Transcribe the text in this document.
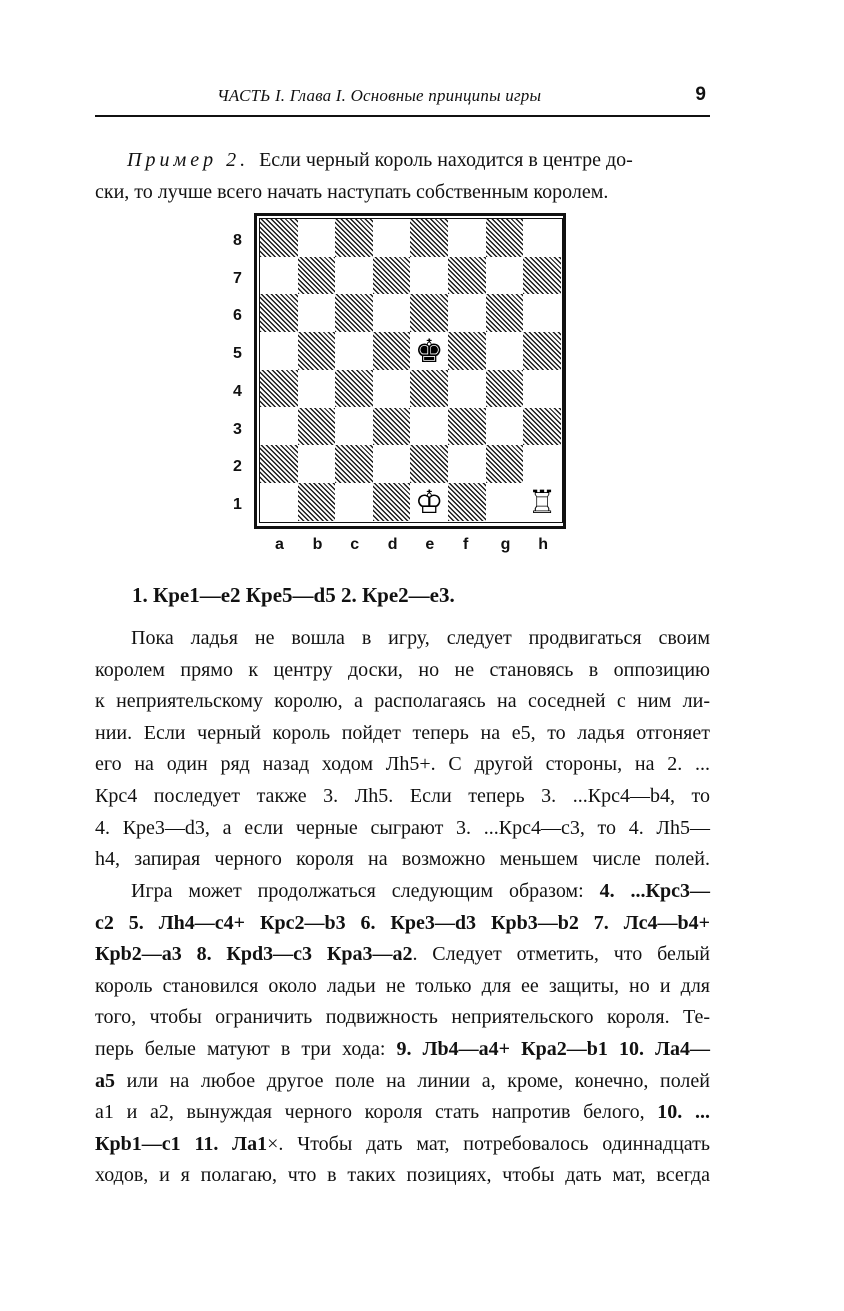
ЧАСТЬ I. Глава I. Основные принципы игры	9
Пример 2. Если черный король находится в центре до-
ски, то лучше всего начать наступать собственным королем.
♚
♔	♖
8
7
6
5
4
3
2
1
a b c d e f g h
1. Крe1—e2 Крe5—d5 2. Крe2—e3.
Пока ладья не вошла в игру, следует продвигаться своим
королем прямо к центру доски, но не становясь в оппозицию
к неприятельскому королю, а располагаясь на соседней с ним ли-
нии. Если черный король пойдет теперь на e5, то ладья отгоняет
его на один ряд назад ходом Лh5+. С другой стороны, на 2. ...
Крc4 последует также 3. Лh5. Если теперь 3. ...Крc4—b4, то
4. Крe3—d3, а если черные сыграют 3. ...Крc4—c3, то 4. Лh5—
h4, запирая черного короля на возможно меньшем числе полей.
Игра может продолжаться следующим образом: 4. ...Крc3—
c2 5. Лh4—c4+ Крc2—b3 6. Крe3—d3 Крb3—b2 7. Лc4—b4+
Крb2—a3 8. Крd3—c3 Крa3—a2. Следует отметить, что белый
король становился около ладьи не только для ее защиты, но и для
того, чтобы ограничить подвижность неприятельского короля. Те-
перь белые матуют в три хода: 9. Лb4—a4+ Крa2—b1 10. Лa4—
a5 или на любое другое поле на линии a, кроме, конечно, полей
a1 и a2, вынуждая черного короля стать напротив белого, 10. ...
Крb1—c1 11. Лa1×. Чтобы дать мат, потребовалось одиннадцать
ходов, и я полагаю, что в таких позициях, чтобы дать мат, всегда
